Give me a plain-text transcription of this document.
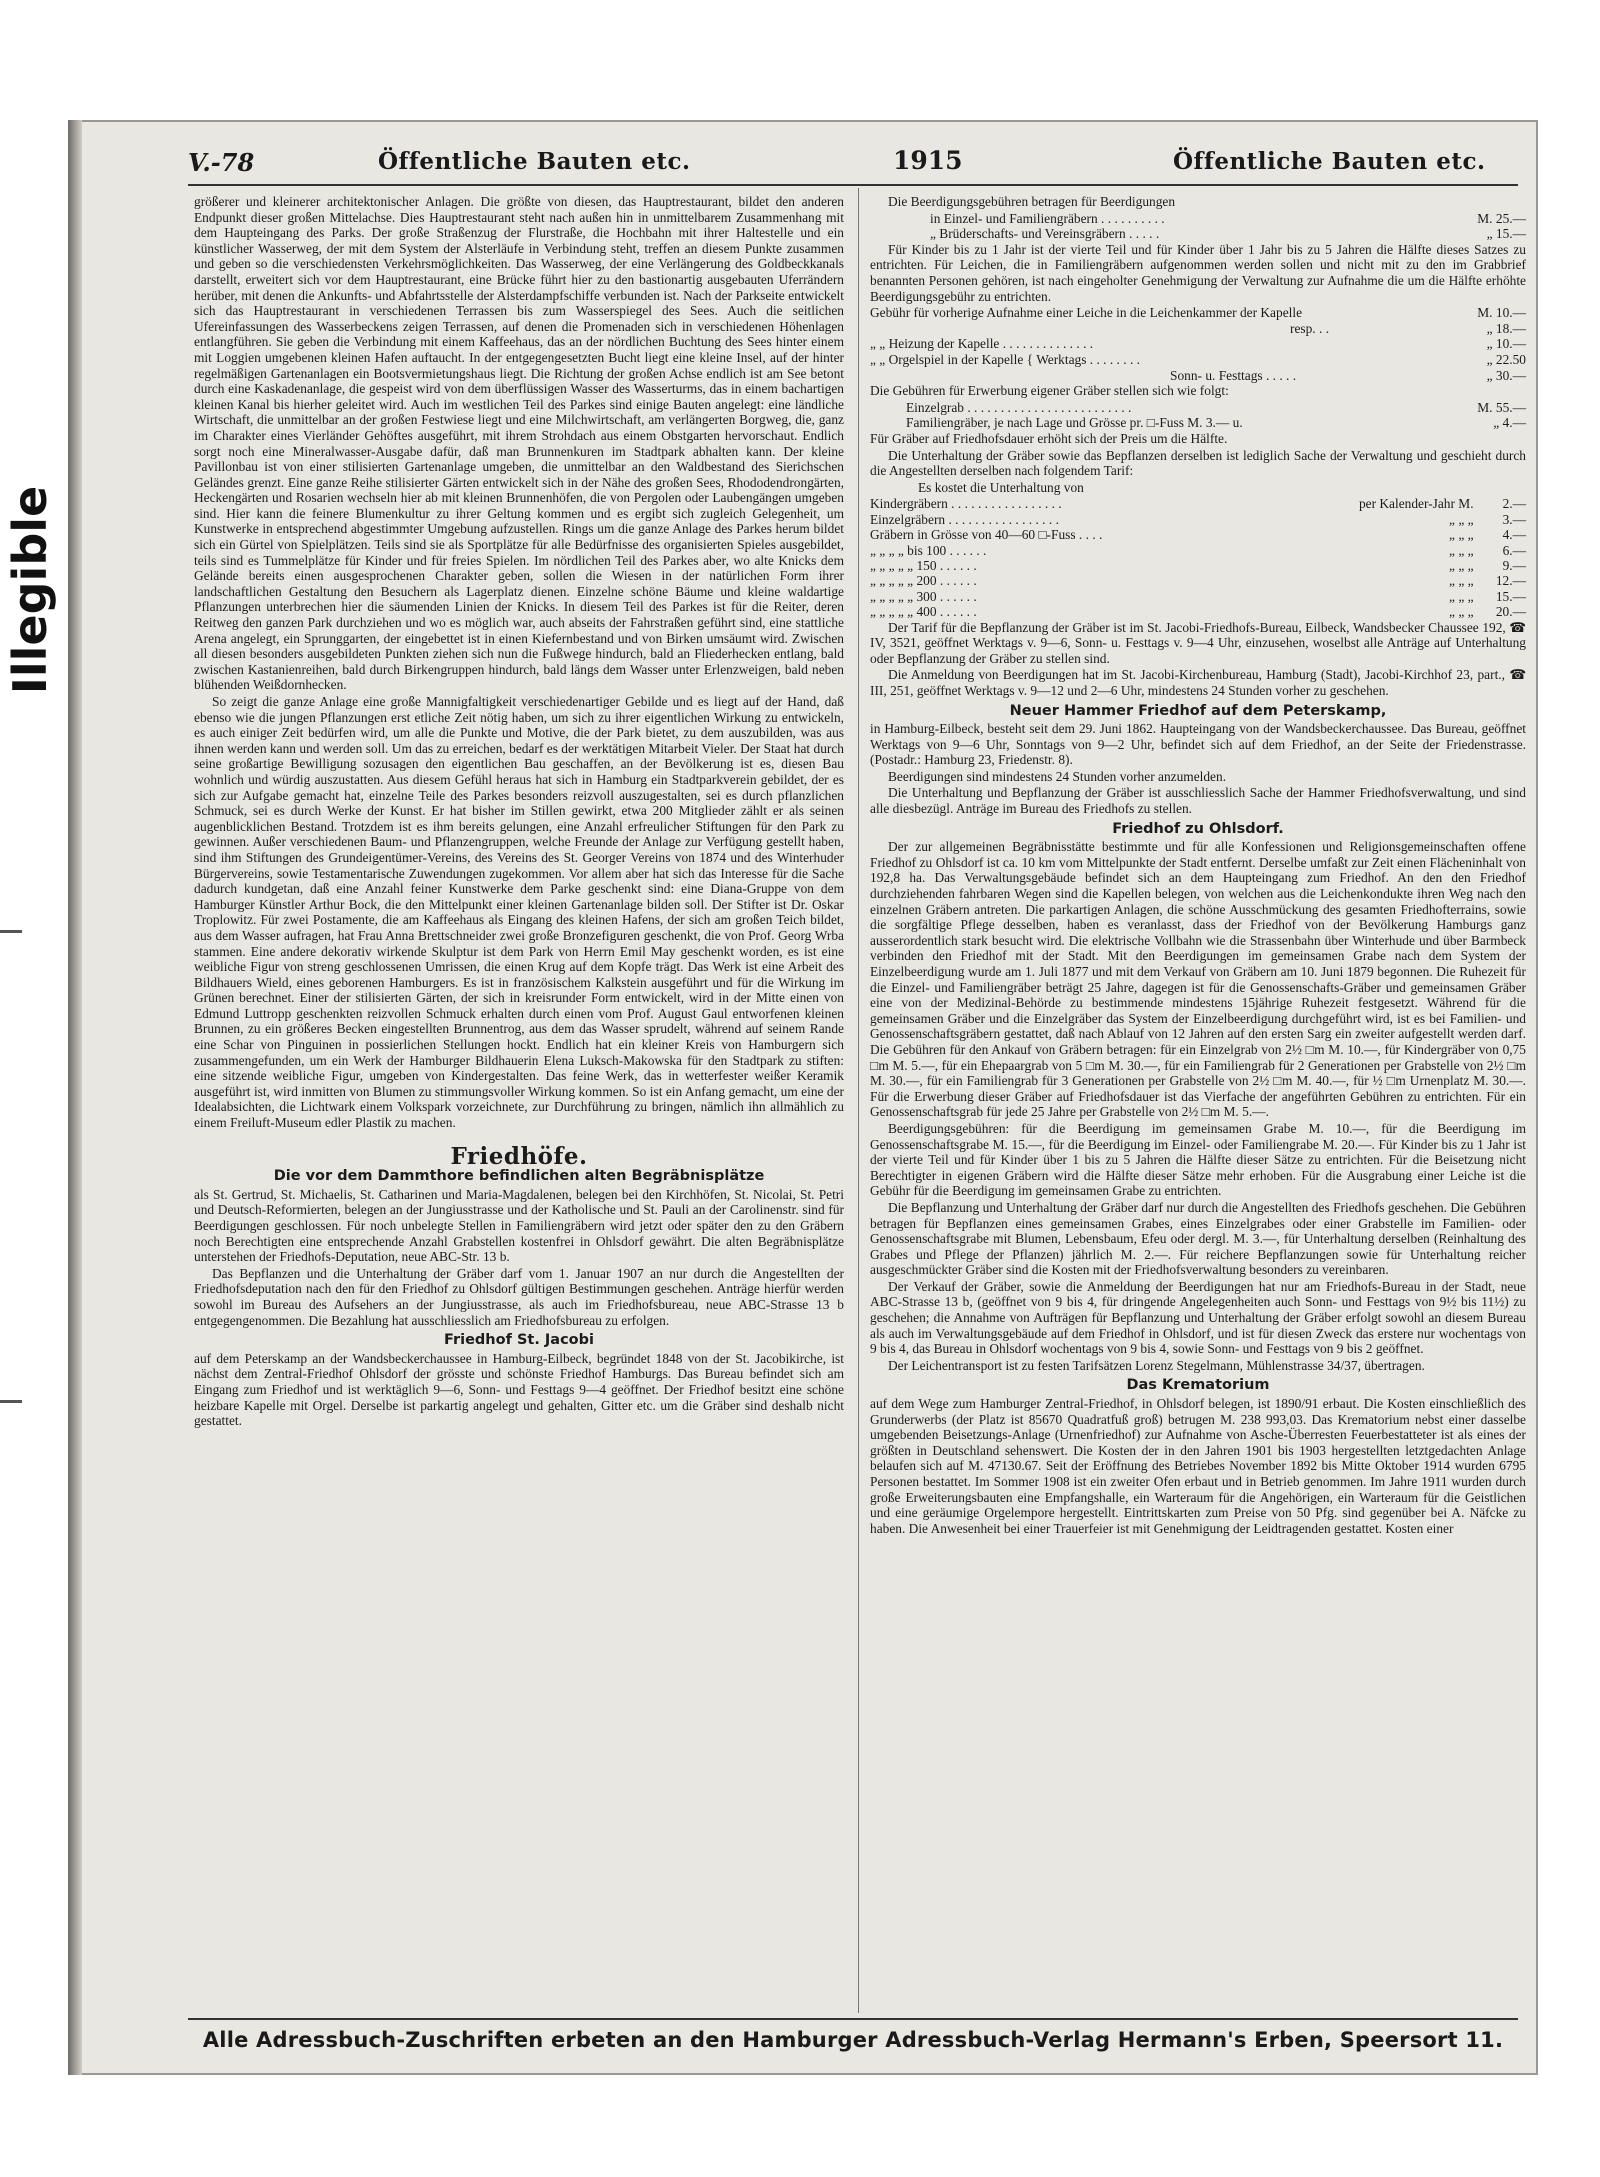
Illegible
V.-78	Öffentliche Bauten etc.	1915	Öffentliche Bauten etc.

größerer und kleinerer architektonischer Anlagen. Die größte von diesen, das Hauptrestaurant, bildet den anderen Endpunkt dieser großen Mittelachse. Dies Hauptrestaurant steht nach außen hin in unmittelbarem Zusammenhang mit dem Haupteingang des Parks. Der große Straßenzug der Flurstraße, die Hochbahn mit ihrer Haltestelle und ein künstlicher Wasserweg, der mit dem System der Alsterläufe in Verbindung steht, treffen an diesem Punkte zusammen und geben so die verschiedensten Verkehrsmöglichkeiten. Das Wasserweg, der eine Verlängerung des Goldbeckkanals darstellt, erweitert sich vor dem Hauptrestaurant, eine Brücke führt hier zu den bastionartig ausgebauten Uferrändern herüber, mit denen die Ankunfts- und Abfahrtsstelle der Alsterdampfschiffe verbunden ist. Nach der Parkseite entwickelt sich das Hauptrestaurant in verschiedenen Terrassen bis zum Wasserspiegel des Sees. Auch die seitlichen Ufereinfassungen des Wasserbeckens zeigen Terrassen, auf denen die Promenaden sich in verschiedenen Höhenlagen entlangführen. Sie geben die Verbindung mit einem Kaffeehaus, das an der nördlichen Buchtung des Sees hinter einem mit Loggien umgebenen kleinen Hafen auftaucht. In der entgegengesetzten Bucht liegt eine kleine Insel, auf der hinter regelmäßigen Gartenanlagen ein Bootsvermietungshaus liegt. Die Richtung der großen Achse endlich ist am See betont durch eine Kaskadenanlage, die gespeist wird von dem überflüssigen Wasser des Wasserturms, das in einem bachartigen kleinen Kanal bis hierher geleitet wird. Auch im westlichen Teil des Parkes sind einige Bauten angelegt: eine ländliche Wirtschaft, die unmittelbar an der großen Festwiese liegt und eine Milchwirtschaft, am verlängerten Borgweg, die, ganz im Charakter eines Vierländer Gehöftes ausgeführt, mit ihrem Strohdach aus einem Obstgarten hervorschaut. Endlich sorgt noch eine Mineralwasser-Ausgabe dafür, daß man Brunnenkuren im Stadtpark abhalten kann. Der kleine Pavillonbau ist von einer stilisierten Gartenanlage umgeben, die unmittelbar an den Waldbestand des Sierichschen Geländes grenzt. Eine ganze Reihe stilisierter Gärten entwickelt sich in der Nähe des großen Sees, Rhododendrongärten, Heckengärten und Rosarien wechseln hier ab mit kleinen Brunnenhöfen, die von Pergolen oder Laubengängen umgeben sind. Hier kann die feinere Blumenkultur zu ihrer Geltung kommen und es ergibt sich zugleich Gelegenheit, um Kunstwerke in entsprechend abgestimmter Umgebung aufzustellen. Rings um die ganze Anlage des Parkes herum bildet sich ein Gürtel von Spielplätzen. Teils sind sie als Sportplätze für alle Bedürfnisse des organisierten Spieles ausgebildet, teils sind es Tummelplätze für Kinder und für freies Spielen. Im nördlichen Teil des Parkes aber, wo alte Knicks dem Gelände bereits einen ausgesprochenen Charakter geben, sollen die Wiesen in der natürlichen Form ihrer landschaftlichen Gestaltung den Besuchern als Lagerplatz dienen. Einzelne schöne Bäume und kleine waldartige Pflanzungen unterbrechen hier die säumenden Linien der Knicks. In diesem Teil des Parkes ist für die Reiter, deren Reitweg den ganzen Park durchziehen und wo es möglich war, auch abseits der Fahrstraßen geführt sind, eine stattliche Arena angelegt, ein Sprunggarten, der eingebettet ist in einen Kiefernbestand und von Birken umsäumt wird. Zwischen all diesen besonders ausgebildeten Punkten ziehen sich nun die Fußwege hindurch, bald an Fliederhecken entlang, bald zwischen Kastanienreihen, bald durch Birkengruppen hindurch, bald längs dem Wasser unter Erlenzweigen, bald neben blühenden Weißdornhecken.

So zeigt die ganze Anlage eine große Mannigfaltigkeit verschiedenartiger Gebilde und es liegt auf der Hand, daß ebenso wie die jungen Pflanzungen erst etliche Zeit nötig haben, um sich zu ihrer eigentlichen Wirkung zu entwickeln, es auch einiger Zeit bedürfen wird, um alle die Punkte und Motive, die der Park bietet, zu dem auszubilden, was aus ihnen werden kann und werden soll. Um das zu erreichen, bedarf es der werktätigen Mitarbeit Vieler. Der Staat hat durch seine großartige Bewilligung sozusagen den eigentlichen Bau geschaffen, an der Bevölkerung ist es, diesen Bau wohnlich und würdig auszustatten. Aus diesem Gefühl heraus hat sich in Hamburg ein Stadtparkverein gebildet, der es sich zur Aufgabe gemacht hat, einzelne Teile des Parkes besonders reizvoll auszugestalten, sei es durch pflanzlichen Schmuck, sei es durch Werke der Kunst. Er hat bisher im Stillen gewirkt, etwa 200 Mitglieder zählt er als seinen augenblicklichen Bestand. Trotzdem ist es ihm bereits gelungen, eine Anzahl erfreulicher Stiftungen für den Park zu gewinnen. Außer verschiedenen Baum- und Pflanzengruppen, welche Freunde der Anlage zur Verfügung gestellt haben, sind ihm Stiftungen des Grundeigentümer-Vereins, des Vereins des St. Georger Vereins von 1874 und des Winterhuder Bürgervereins, sowie Testamentarische Zuwendungen zugekommen. Vor allem aber hat sich das Interesse für die Sache dadurch kundgetan, daß eine Anzahl feiner Kunstwerke dem Parke geschenkt sind: eine Diana-Gruppe von dem Hamburger Künstler Arthur Bock, die den Mittelpunkt einer kleinen Gartenanlage bilden soll. Der Stifter ist Dr. Oskar Troplowitz. Für zwei Postamente, die am Kaffeehaus als Eingang des kleinen Hafens, der sich am großen Teich bildet, aus dem Wasser aufragen, hat Frau Anna Brettschneider zwei große Bronzefiguren geschenkt, die von Prof. Georg Wrba stammen. Eine andere dekorativ wirkende Skulptur ist dem Park von Herrn Emil May geschenkt worden, es ist eine weibliche Figur von streng geschlossenen Umrissen, die einen Krug auf dem Kopfe trägt. Das Werk ist eine Arbeit des Bildhauers Wield, eines geborenen Hamburgers. Es ist in französischem Kalkstein ausgeführt und für die Wirkung im Grünen berechnet. Einer der stilisierten Gärten, der sich in kreisrunder Form entwickelt, wird in der Mitte einen von Edmund Luttropp geschenkten reizvollen Schmuck erhalten durch einen vom Prof. August Gaul entworfenen kleinen Brunnen, zu ein größeres Becken eingestellten Brunnentrog, aus dem das Wasser sprudelt, während auf seinem Rande eine Schar von Pinguinen in possierlichen Stellungen hockt. Endlich hat ein kleiner Kreis von Hamburgern sich zusammengefunden, um ein Werk der Hamburger Bildhauerin Elena Luksch-Makowska für den Stadtpark zu stiften: eine sitzende weibliche Figur, umgeben von Kindergestalten. Das feine Werk, das in wetterfester weißer Keramik ausgeführt ist, wird inmitten von Blumen zu stimmungsvoller Wirkung kommen. So ist ein Anfang gemacht, um eine der Idealabsichten, die Lichtwark einem Volkspark vorzeichnete, zur Durchführung zu bringen, nämlich ihn allmählich zu einem Freiluft-Museum edler Plastik zu machen.

Friedhöfe.
Die vor dem Dammthore befindlichen alten Begräbnisplätze

als St. Gertrud, St. Michaelis, St. Catharinen und Maria-Magdalenen, belegen bei den Kirchhöfen, St. Nicolai, St. Petri und Deutsch-Reformierten, belegen an der Jungiusstrasse und der Katholische und St. Pauli an der Carolinenstr. sind für Beerdigungen geschlossen. Für noch unbelegte Stellen in Familiengräbern wird jetzt oder später den zu den Gräbern noch Berechtigten eine entsprechende Anzahl Grabstellen kostenfrei in Ohlsdorf gewährt. Die alten Begräbnisplätze unterstehen der Friedhofs-Deputation, neue ABC-Str. 13 b.

Das Bepflanzen und die Unterhaltung der Gräber darf vom 1. Januar 1907 an nur durch die Angestellten der Friedhofsdeputation nach den für den Friedhof zu Ohlsdorf gültigen Bestimmungen geschehen. Anträge hierfür werden sowohl im Bureau des Aufsehers an der Jungiusstrasse, als auch im Friedhofsbureau, neue ABC-Strasse 13 b entgegengenommen. Die Bezahlung hat ausschliesslich am Friedhofsbureau zu erfolgen.

Friedhof St. Jacobi

auf dem Peterskamp an der Wandsbeckerchaussee in Hamburg-Eilbeck, begründet 1848 von der St. Jacobikirche, ist nächst dem Zentral-Friedhof Ohlsdorf der grösste und schönste Friedhof Hamburgs. Das Bureau befindet sich am Eingang zum Friedhof und ist werktäglich 9—6, Sonn- und Festtags 9—4 geöffnet. Der Friedhof besitzt eine schöne heizbare Kapelle mit Orgel. Derselbe ist parkartig angelegt und gehalten, Gitter etc. um die Gräber sind deshalb nicht gestattet.

Die Beerdigungsgebühren betragen für Beerdigungen

in Einzel- und Familiengräbern . . . . . . . . . .	M. 25.—
„ Brüderschafts- und Vereinsgräbern . . . . .	„ 15.—

Für Kinder bis zu 1 Jahr ist der vierte Teil und für Kinder über 1 Jahr bis zu 5 Jahren die Hälfte dieses Satzes zu entrichten. Für Leichen, die in Familiengräbern aufgenommen werden sollen und nicht mit zu den im Grabbrief benannten Personen gehören, ist nach eingeholter Genehmigung der Verwaltung zur Aufnahme die um die Hälfte erhöhte Beerdigungsgebühr zu entrichten.

Gebühr für vorherige Aufnahme einer Leiche in die Leichenkammer der Kapelle	M. 10.—
resp. . .	„ 18.—
„ „ Heizung der Kapelle . . . . . . . . . . . . . .	„ 10.—
„ „ Orgelspiel in der Kapelle { Werktags . . . . . . . .	„ 22.50
Sonn- u. Festtags . . . . .	„ 30.—

Die Gebühren für Erwerbung eigener Gräber stellen sich wie folgt:

Einzelgrab . . . . . . . . . . . . . . . . . . . . . . . . .	M. 55.—
Familiengräber, je nach Lage und Grösse pr. □-Fuss M. 3.— u.	„ 4.—

Für Gräber auf Friedhofsdauer erhöht sich der Preis um die Hälfte.

Die Unterhaltung der Gräber sowie das Bepflanzen derselben ist lediglich Sache der Verwaltung und geschieht durch die Angestellten derselben nach folgendem Tarif:

Es kostet die Unterhaltung von

Kindergräbern . . . . . . . . . . . . . . . . .	per Kalender-Jahr M.	2.—
Einzelgräbern . . . . . . . . . . . . . . . . .	„ „ „	3.—
Gräbern in Grösse von 40—60 □-Fuss . . . .	„ „ „	4.—
„ „ „ „ bis 100 . . . . . .	„ „ „	6.—
„ „ „ „ „ 150 . . . . . .	„ „ „	9.—
„ „ „ „ „ 200 . . . . . .	„ „ „	12.—
„ „ „ „ „ 300 . . . . . .	„ „ „	15.—
„ „ „ „ „ 400 . . . . . .	„ „ „	20.—

Der Tarif für die Bepflanzung der Gräber ist im St. Jacobi-Friedhofs-Bureau, Eilbeck, Wandsbecker Chaussee 192, ☎ IV, 3521, geöffnet Werktags v. 9—6, Sonn- u. Festtags v. 9—4 Uhr, einzusehen, woselbst alle Anträge auf Unterhaltung oder Bepflanzung der Gräber zu stellen sind.

Die Anmeldung von Beerdigungen hat im St. Jacobi-Kirchenbureau, Hamburg (Stadt), Jacobi-Kirchhof 23, part., ☎ III, 251, geöffnet Werktags v. 9—12 und 2—6 Uhr, mindestens 24 Stunden vorher zu geschehen.

Neuer Hammer Friedhof auf dem Peterskamp,

in Hamburg-Eilbeck, besteht seit dem 29. Juni 1862. Haupteingang von der Wandsbeckerchaussee. Das Bureau, geöffnet Werktags von 9—6 Uhr, Sonntags von 9—2 Uhr, befindet sich auf dem Friedhof, an der Seite der Friedenstrasse. (Postadr.: Hamburg 23, Friedenstr. 8).

Beerdigungen sind mindestens 24 Stunden vorher anzumelden.

Die Unterhaltung und Bepflanzung der Gräber ist ausschliesslich Sache der Hammer Friedhofsverwaltung, und sind alle diesbezügl. Anträge im Bureau des Friedhofs zu stellen.

Friedhof zu Ohlsdorf.

Der zur allgemeinen Begräbnisstätte bestimmte und für alle Konfessionen und Religionsgemeinschaften offene Friedhof zu Ohlsdorf ist ca. 10 km vom Mittelpunkte der Stadt entfernt. Derselbe umfaßt zur Zeit einen Flächeninhalt von 192,8 ha. Das Verwaltungsgebäude befindet sich an dem Haupteingang zum Friedhof. An den den Friedhof durchziehenden fahrbaren Wegen sind die Kapellen belegen, von welchen aus die Leichenkondukte ihren Weg nach den einzelnen Gräbern antreten. Die parkartigen Anlagen, die schöne Ausschmückung des gesamten Friedhofterrains, sowie die sorgfältige Pflege desselben, haben es veranlasst, dass der Friedhof von der Bevölkerung Hamburgs ganz ausserordentlich stark besucht wird. Die elektrische Vollbahn wie die Strassenbahn über Winterhude und über Barmbeck verbinden den Friedhof mit der Stadt. Mit den Beerdigungen im gemeinsamen Grabe nach dem System der Einzelbeerdigung wurde am 1. Juli 1877 und mit dem Verkauf von Gräbern am 10. Juni 1879 begonnen. Die Ruhezeit für die Einzel- und Familiengräber beträgt 25 Jahre, dagegen ist für die Genossenschafts-Gräber und gemeinsamen Gräber eine von der Medizinal-Behörde zu bestimmende mindestens 15jährige Ruhezeit festgesetzt. Während für die gemeinsamen Gräber und die Einzelgräber das System der Einzelbeerdigung durchgeführt wird, ist es bei Familien- und Genossenschaftsgräbern gestattet, daß nach Ablauf von 12 Jahren auf den ersten Sarg ein zweiter aufgestellt werden darf. Die Gebühren für den Ankauf von Gräbern betragen: für ein Einzelgrab von 2½ □m M. 10.—, für Kindergräber von 0,75 □m M. 5.—, für ein Ehepaargrab von 5 □m M. 30.—, für ein Familiengrab für 2 Generationen per Grabstelle von 2½ □m M. 30.—, für ein Familiengrab für 3 Generationen per Grabstelle von 2½ □m M. 40.—, für ½ □m Urnenplatz M. 30.—. Für die Erwerbung dieser Gräber auf Friedhofsdauer ist das Vierfache der angeführten Gebühren zu entrichten. Für ein Genossenschaftsgrab für jede 25 Jahre per Grabstelle von 2½ □m M. 5.—.

Beerdigungsgebühren: für die Beerdigung im gemeinsamen Grabe M. 10.—, für die Beerdigung im Genossenschaftsgrabe M. 15.—, für die Beerdigung im Einzel- oder Familiengrabe M. 20.—. Für Kinder bis zu 1 Jahr ist der vierte Teil und für Kinder über 1 bis zu 5 Jahren die Hälfte dieser Sätze zu entrichten. Für die Beisetzung nicht Berechtigter in eigenen Gräbern wird die Hälfte dieser Sätze mehr erhoben. Für die Ausgrabung einer Leiche ist die Gebühr für die Beerdigung im gemeinsamen Grabe zu entrichten.

Die Bepflanzung und Unterhaltung der Gräber darf nur durch die Angestellten des Friedhofs geschehen. Die Gebühren betragen für Bepflanzen eines gemeinsamen Grabes, eines Einzelgrabes oder einer Grabstelle im Familien- oder Genossenschaftsgrabe mit Blumen, Lebensbaum, Efeu oder dergl. M. 3.—, für Unterhaltung derselben (Reinhaltung des Grabes und Pflege der Pflanzen) jährlich M. 2.—. Für reichere Bepflanzungen sowie für Unterhaltung reicher ausgeschmückter Gräber sind die Kosten mit der Friedhofsverwaltung besonders zu vereinbaren.

Der Verkauf der Gräber, sowie die Anmeldung der Beerdigungen hat nur am Friedhofs-Bureau in der Stadt, neue ABC-Strasse 13 b, (geöffnet von 9 bis 4, für dringende Angelegenheiten auch Sonn- und Festtags von 9½ bis 11½) zu geschehen; die Annahme von Aufträgen für Bepflanzung und Unterhaltung der Gräber erfolgt sowohl an diesem Bureau als auch im Verwaltungsgebäude auf dem Friedhof in Ohlsdorf, und ist für diesen Zweck das erstere nur wochentags von 9 bis 4, das Bureau in Ohlsdorf wochentags von 9 bis 4, sowie Sonn- und Festtags von 9 bis 2 geöffnet.

Der Leichentransport ist zu festen Tarifsätzen Lorenz Stegelmann, Mühlenstrasse 34/37, übertragen.

Das Krematorium

auf dem Wege zum Hamburger Zentral-Friedhof, in Ohlsdorf belegen, ist 1890/91 erbaut. Die Kosten einschließlich des Grunderwerbs (der Platz ist 85670 Quadratfuß groß) betrugen M. 238 993,03. Das Krematorium nebst einer dasselbe umgebenden Beisetzungs-Anlage (Urnenfriedhof) zur Aufnahme von Asche-Überresten Feuerbestatteter ist als eines der größten in Deutschland sehenswert. Die Kosten der in den Jahren 1901 bis 1903 hergestellten letztgedachten Anlage belaufen sich auf M. 47130.67. Seit der Eröffnung des Betriebes November 1892 bis Mitte Oktober 1914 wurden 6795 Personen bestattet. Im Sommer 1908 ist ein zweiter Ofen erbaut und in Betrieb genommen. Im Jahre 1911 wurden durch große Erweiterungsbauten eine Empfangshalle, ein Warteraum für die Angehörigen, ein Warteraum für die Geistlichen und eine geräumige Orgelempore hergestellt. Eintrittskarten zum Preise von 50 Pfg. sind gegenüber bei A. Näfcke zu haben. Die Anwesenheit bei einer Trauerfeier ist mit Genehmigung der Leidtragenden gestattet. Kosten einer

Alle Adressbuch-Zuschriften erbeten an den Hamburger Adressbuch-Verlag Hermann's Erben, Speersort 11.
